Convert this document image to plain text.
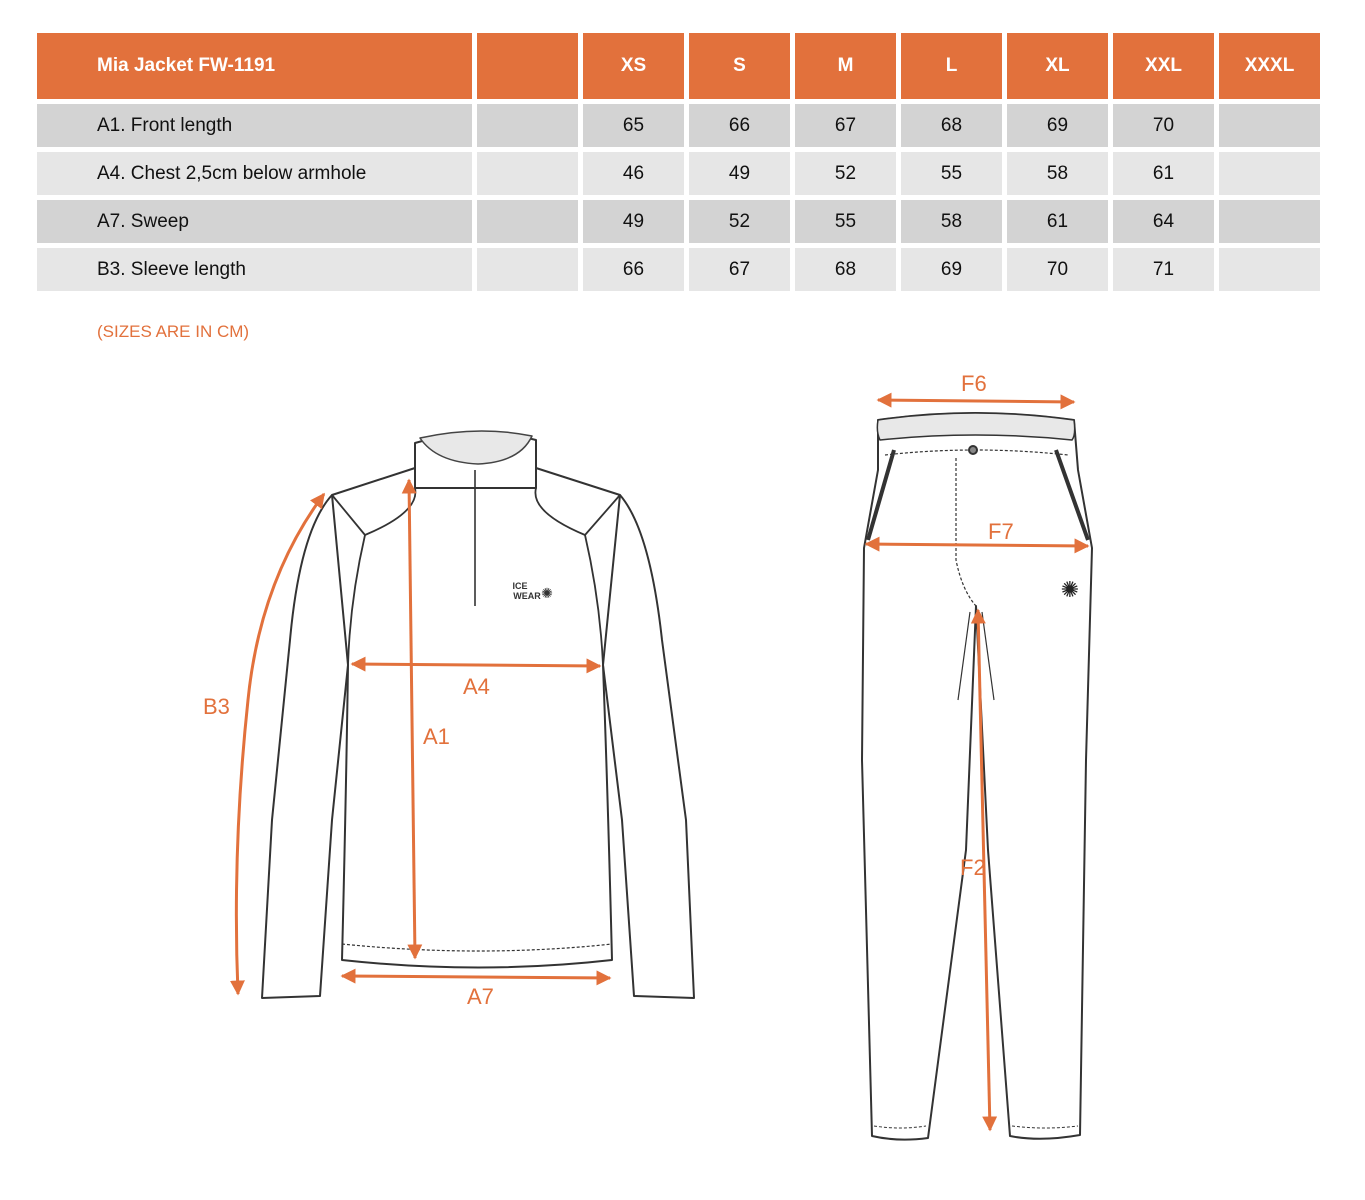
Mia Jacket FW-1191		XS	S	M	L	XL	XXL	XXXL
A1. Front length		65	66	67	68	69	70	
A4. Chest 2,5cm below armhole		46	49	52	55	58	61	
A7. Sweep		49	52	55	58	61	64	
B3. Sleeve length		66	67	68	69	70	71	
(SIZES ARE IN CM)
ICE
WEAR ✺
A1
A4
A7
B3
✺
F6
F7
F2
